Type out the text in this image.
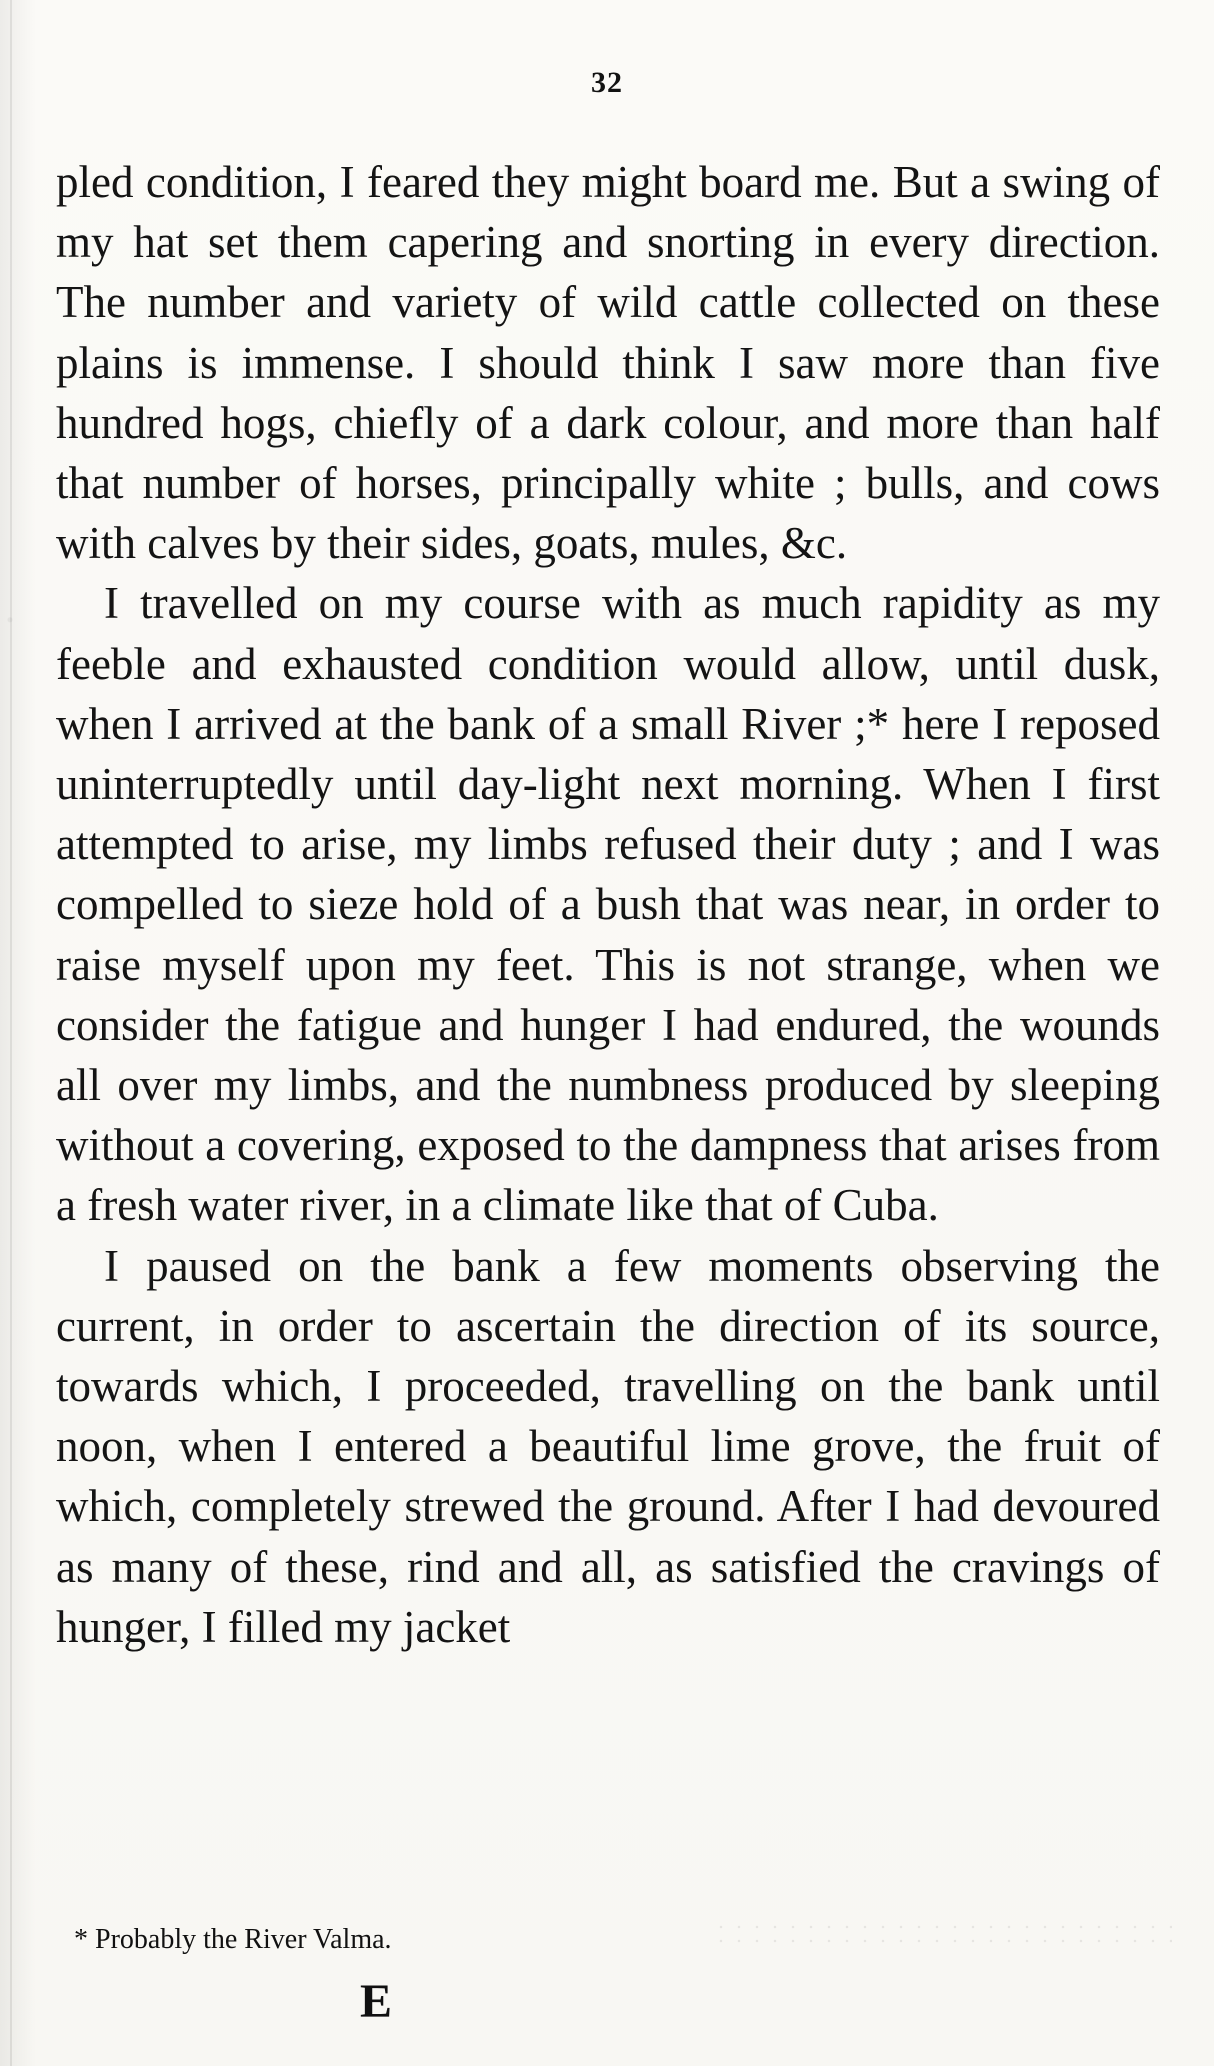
32

pled condition, I feared they might board me. But a swing of my hat set them capering and snorting in every direction. The number and variety of wild cattle collected on these plains is immense. I should think I saw more than five hundred hogs, chiefly of a dark colour, and more than half that number of horses, principally white ; bulls, and cows with calves by their sides, goats, mules, &c.

I travelled on my course with as much rapidity as my feeble and exhausted condition would allow, until dusk, when I arrived at the bank of a small River ;* here I reposed uninterruptedly until day-light next morning. When I first attempted to arise, my limbs refused their duty ; and I was compelled to sieze hold of a bush that was near, in order to raise myself upon my feet. This is not strange, when we consider the fatigue and hunger I had endured, the wounds all over my limbs, and the numbness produced by sleeping without a covering, exposed to the dampness that arises from a fresh water river, in a climate like that of Cuba.

I paused on the bank a few moments observing the current, in order to ascertain the direction of its source, towards which, I proceeded, travelling on the bank until noon, when I entered a beautiful lime grove, the fruit of which, completely strewed the ground. After I had devoured as many of these, rind and all, as satisfied the cravings of hunger, I filled my jacket

* Probably the River Valma.
E
